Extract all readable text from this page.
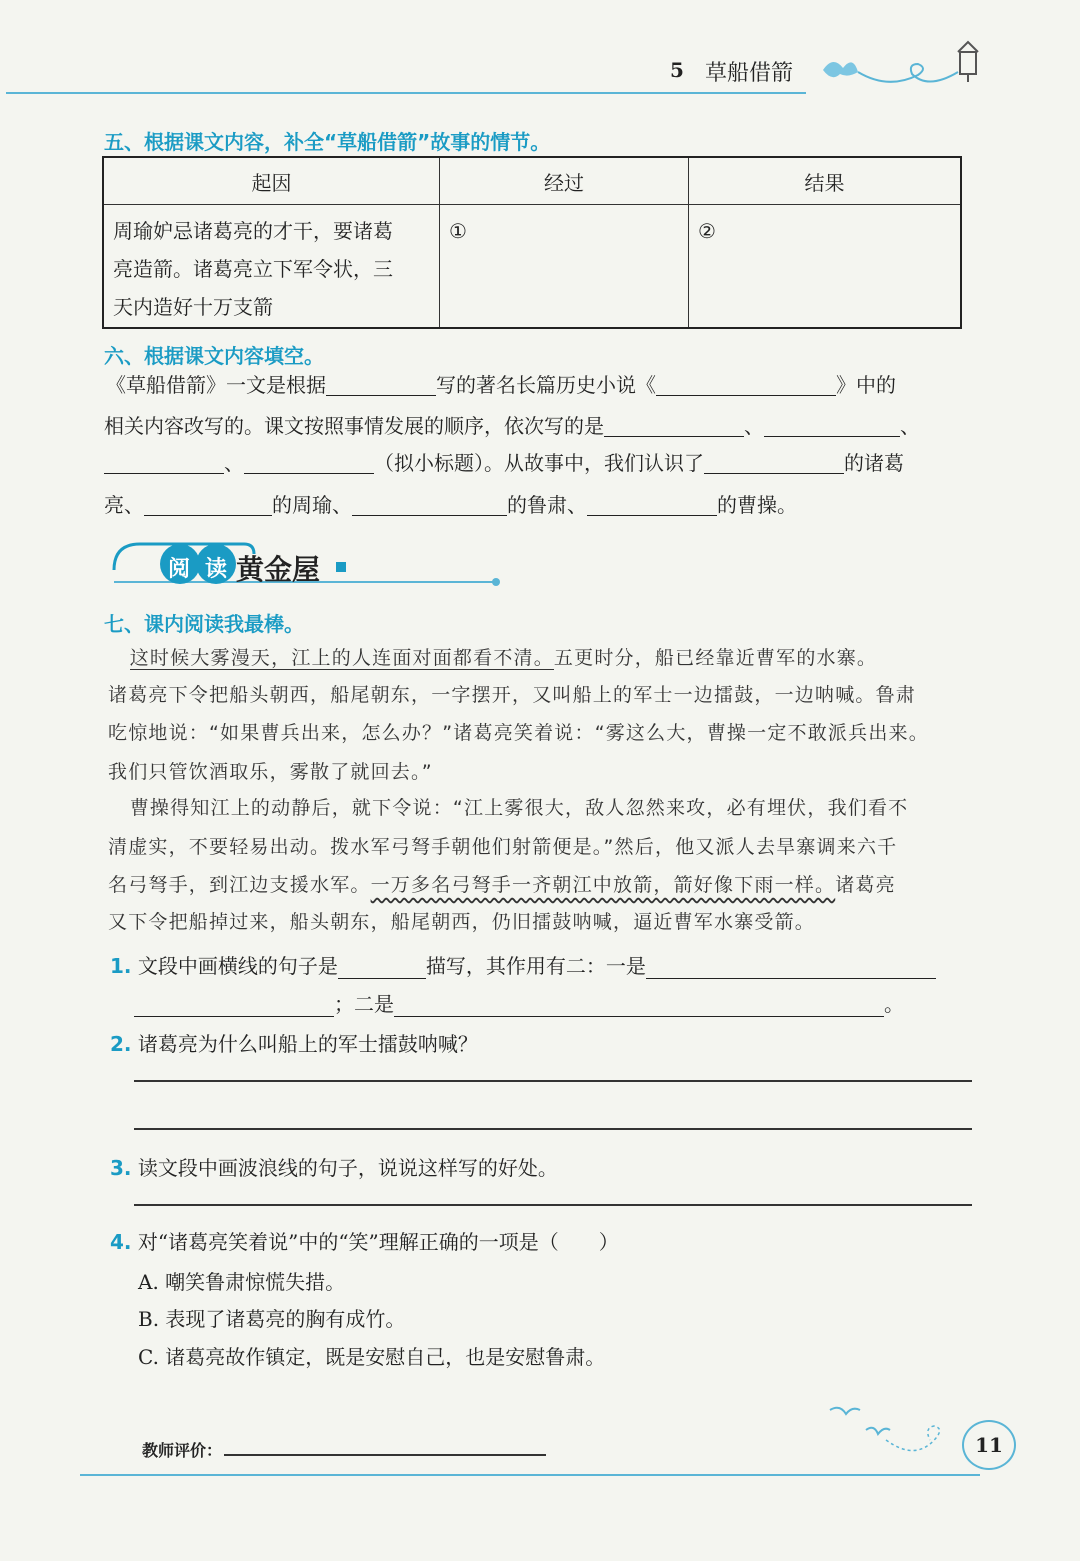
5 草船借箭
五、根据课文内容，补全“草船借箭”故事的情节。
起因	经过	结果

周瑜妒忌诸葛亮的才干，要诸葛
亮造箭。诸葛亮立下军令状，三
天内造好十万支箭	①	②
六、根据课文内容填空。
《草船借箭》一文是根据	写的著名长篇历史小说《	》中的
相关内容改写的。课文按照事情发展的顺序，依次写的是	、	、
、	（拟小标题）。从故事中，我们认识了	的诸葛
亮、	的周瑜、	的鲁肃、	的曹操。
阅 读 黄金屋
七、课内阅读我最棒。
这时候大雾漫天，江上的人连面对面都看不清。五更时分，船已经靠近曹军的水寨。
诸葛亮下令把船头朝西，船尾朝东，一字摆开，又叫船上的军士一边擂鼓，一边呐喊。鲁肃
吃惊地说：“如果曹兵出来，怎么办？”诸葛亮笑着说：“雾这么大，曹操一定不敢派兵出来。
我们只管饮酒取乐，雾散了就回去。”
曹操得知江上的动静后，就下令说：“江上雾很大，敌人忽然来攻，必有埋伏，我们看不
清虚实，不要轻易出动。拨水军弓弩手朝他们射箭便是。”然后，他又派人去旱寨调来六千
名弓弩手，到江边支援水军。一万多名弓弩手一齐朝江中放箭，箭好像下雨一样。诸葛亮
又下令把船掉过来，船头朝东，船尾朝西，仍旧擂鼓呐喊，逼近曹军水寨受箭。
1. 文段中画横线的句子是	描写，其作用有二：一是
；二是	。
2. 诸葛亮为什么叫船上的军士擂鼓呐喊？
3. 读文段中画波浪线的句子，说说这样写的好处。
4. 对“诸葛亮笑着说”中的“笑”理解正确的一项是（　　）
A. 嘲笑鲁肃惊慌失措。
B. 表现了诸葛亮的胸有成竹。
C. 诸葛亮故作镇定，既是安慰自己，也是安慰鲁肃。
教师评价：	11
